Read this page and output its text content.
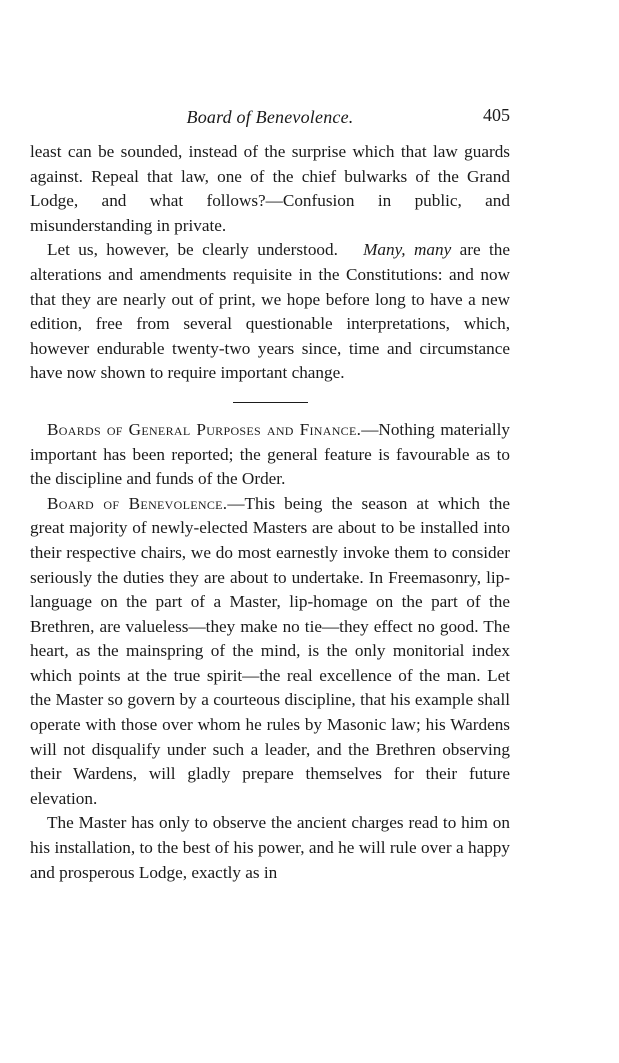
Board of Benevolence.	405

least can be sounded, instead of the surprise which that law guards against. Repeal that law, one of the chief bulwarks of the Grand Lodge, and what follows?—Confusion in public, and misunderstanding in private.

Let us, however, be clearly understood. Many, many are the alterations and amendments requisite in the Constitutions: and now that they are nearly out of print, we hope before long to have a new edition, free from several questionable interpretations, which, however endurable twenty-two years since, time and circumstance have now shown to require important change.

Boards of General Purposes and Finance.—Nothing materially important has been reported; the general feature is favourable as to the discipline and funds of the Order.

Board of Benevolence.—This being the season at which the great majority of newly-elected Masters are about to be installed into their respective chairs, we do most earnestly invoke them to consider seriously the duties they are about to undertake. In Freemasonry, lip-language on the part of a Master, lip-homage on the part of the Brethren, are valueless—they make no tie—they effect no good. The heart, as the mainspring of the mind, is the only monitorial index which points at the true spirit—the real excellence of the man. Let the Master so govern by a courteous discipline, that his example shall operate with those over whom he rules by Masonic law; his Wardens will not disqualify under such a leader, and the Brethren observing their Wardens, will gladly prepare themselves for their future elevation.

The Master has only to observe the ancient charges read to him on his installation, to the best of his power, and he will rule over a happy and prosperous Lodge, exactly as in
